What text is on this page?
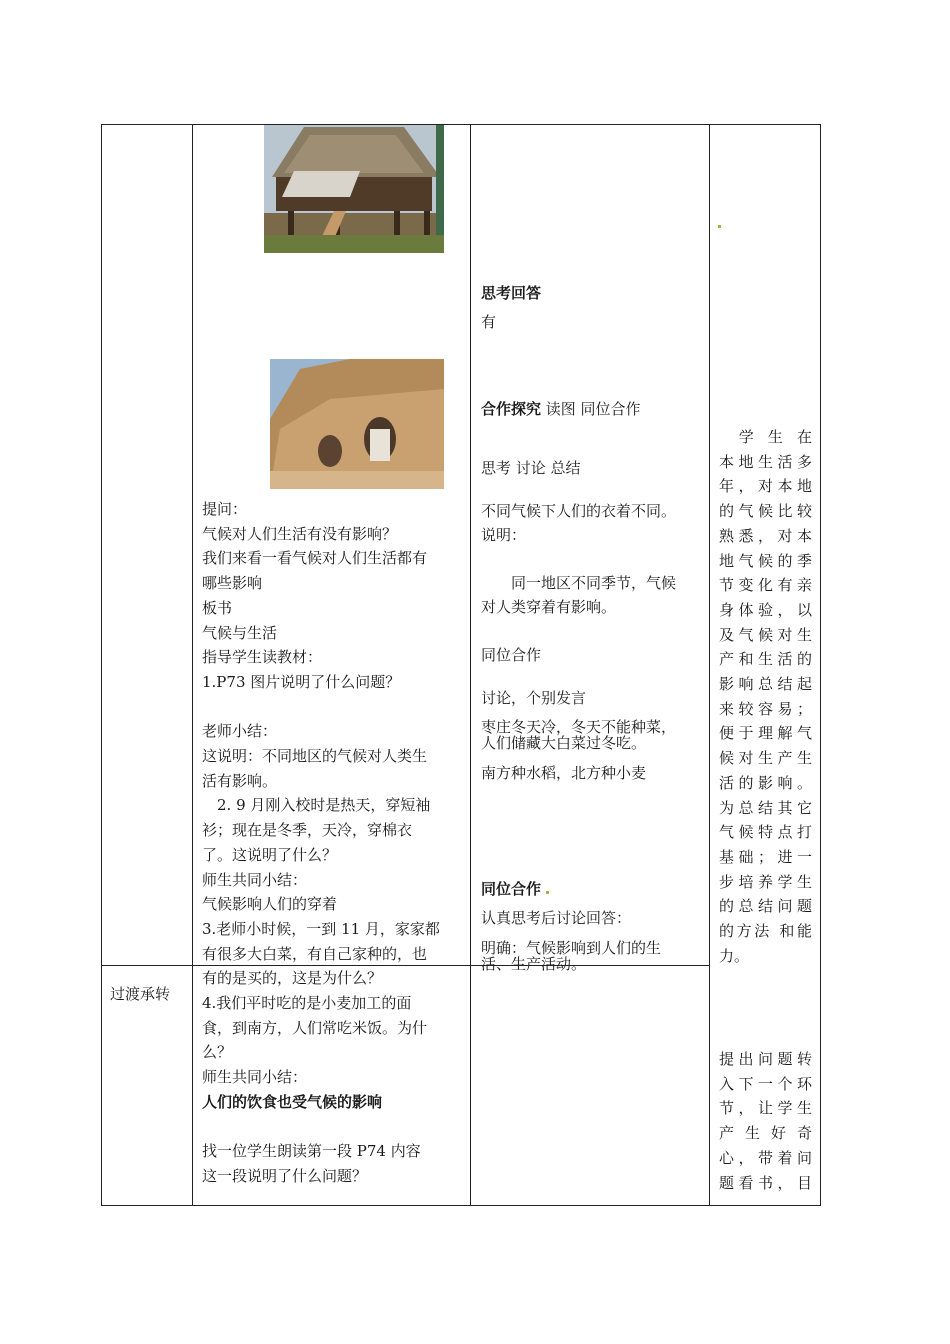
过渡承转
提问：
气候对人们生活有没有影响？
我们来看一看气候对人们生活都有
哪些影响
板书
气候与生活
指导学生读教材：
1.P73 图片说明了什么问题？
老师小结：
这说明：不同地区的气候对人类生
活有影响。
　2. 9 月刚入校时是热天，穿短袖
衫；现在是冬季，天冷，穿棉衣
了。这说明了什么？
师生共同小结：
气候影响人们的穿着
3.老师小时候，一到 11 月，家家都
有很多大白菜，有自己家种的，也
有的是买的，这是为什么？
4.我们平时吃的是小麦加工的面
食，到南方，人们常吃米饭。为什
么？
师生共同小结：
人们的饮食也受气候的影响
找一位学生朗读第一段 P74 内容
这一段说明了什么问题？
思考回答
有
合作探究 读图 同位合作
思考 讨论 总结
不同气候下人们的衣着不同。
说明：
　　同一地区不同季节，气候
对人类穿着有影响。
同位合作
讨论，个别发言
枣庄冬天冷，冬天不能种菜，
人们储藏大白菜过冬吃。
南方种水稻，北方种小麦
同位合作
认真思考后讨论回答：
明确：气候影响到人们的生
活、生产活动。
　学 生 在
本地生活多
年，对本地
的气候比较
熟悉，对本
地气候的季
节变化有亲
身体验，以
及气候对生
产和生活的
影响总结起
来较容易；
便于理解气
候对生产生
活的影响。
为总结其它
气候特点打
基础；进一
步培养学生
的总结问题
的方法 和能
力。
提出问题转
入下一个环
节，让学生
产 生 好 奇
心，带着问
题看书，目
